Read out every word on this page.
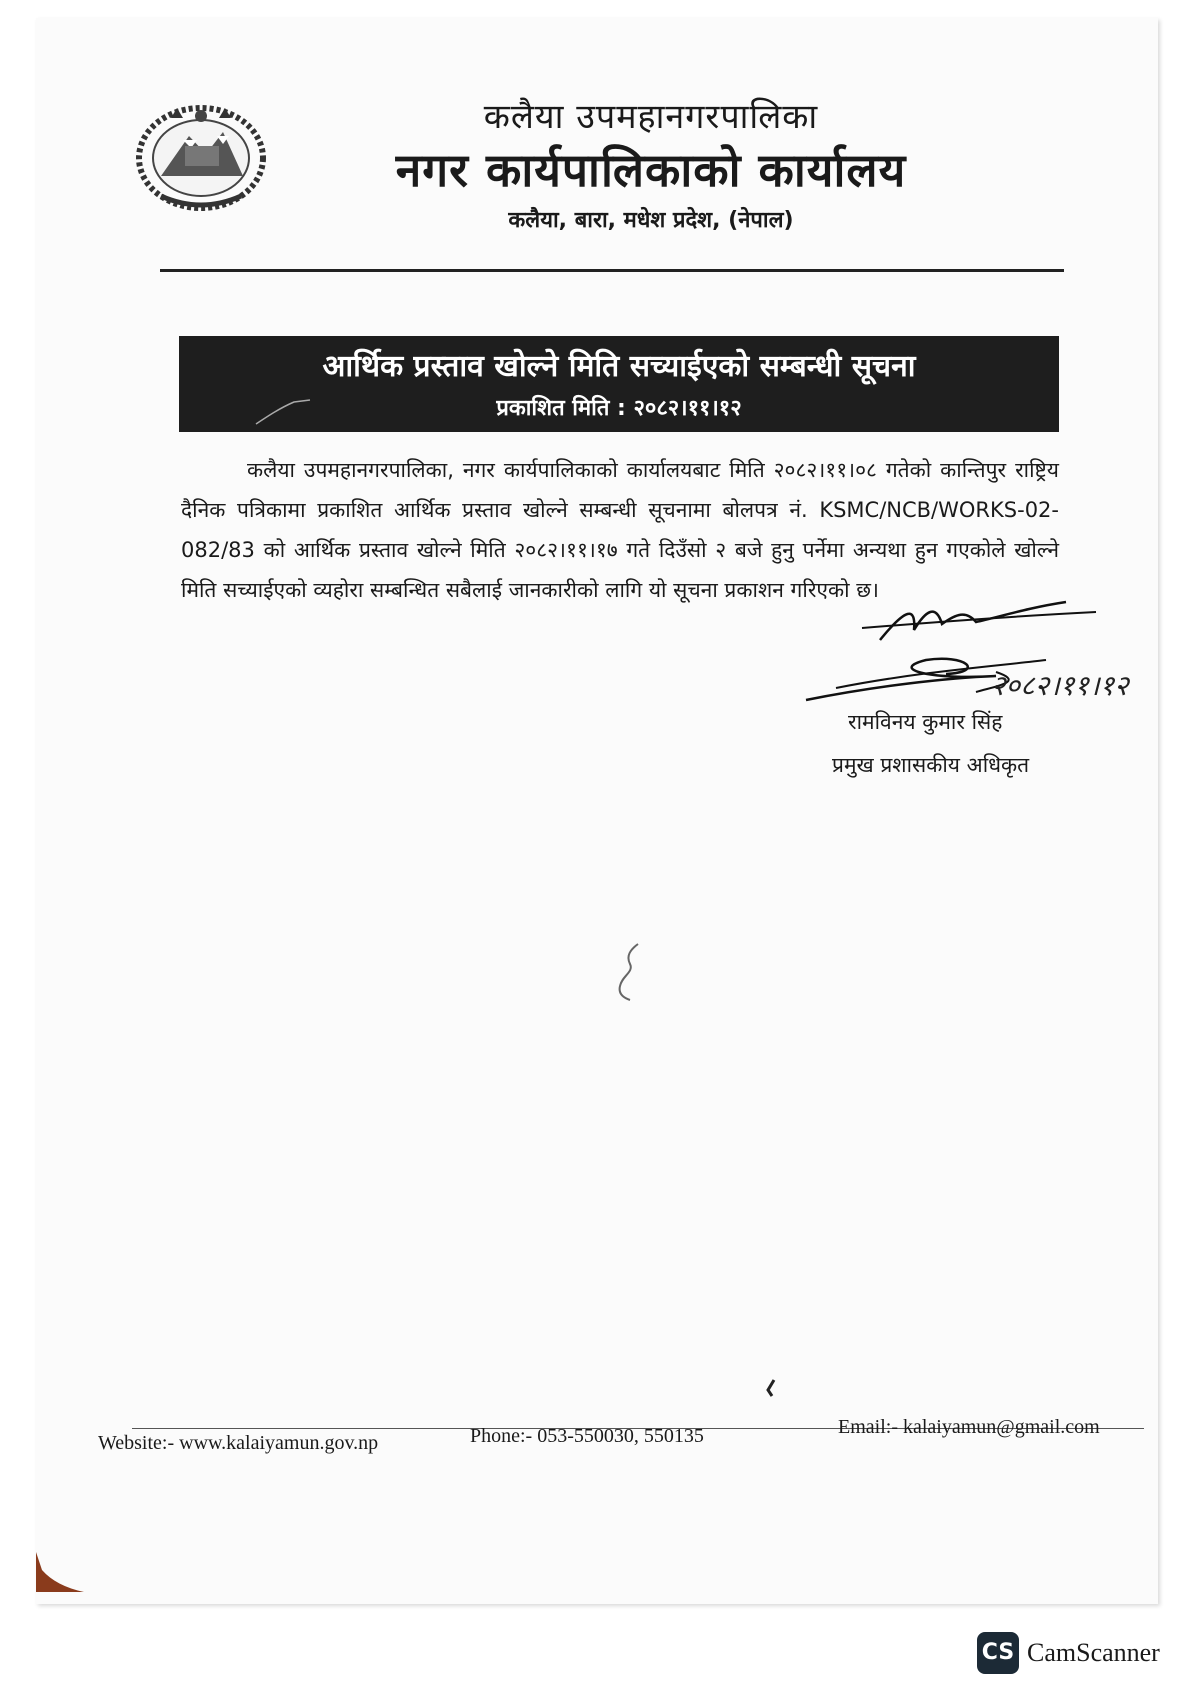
कलैया उपमहानगरपालिका
नगर कार्यपालिकाको कार्यालय
कलैया, बारा, मधेश प्रदेश, (नेपाल)
आर्थिक प्रस्ताव खोल्ने मिति सच्याईएको सम्बन्धी सूचना
प्रकाशित मिति : २०८२।११।१२
कलैया उपमहानगरपालिका, नगर कार्यपालिकाको कार्यालयबाट मिति २०८२।११।०८ गतेको कान्तिपुर राष्ट्रिय दैनिक पत्रिकामा प्रकाशित आर्थिक प्रस्ताव खोल्ने सम्बन्धी सूचनामा बोलपत्र नं. KSMC/NCB/WORKS-02-082/83 को आर्थिक प्रस्ताव खोल्ने मिति २०८२।११।१७ गते दिउँसो २ बजे हुनु पर्नेमा अन्यथा हुन गएकोले खोल्ने मिति सच्याईएको व्यहोरा सम्बन्धित सबैलाई जानकारीको लागि यो सूचना प्रकाशन गरिएको छ।
२०८२।११।१२
रामविनय कुमार सिंह
प्रमुख प्रशासकीय अधिकृत
Website:- www.kalaiyamun.gov.np	Phone:- 053-550030, 550135	Email:- kalaiyamun@gmail.com
CS CamScanner
